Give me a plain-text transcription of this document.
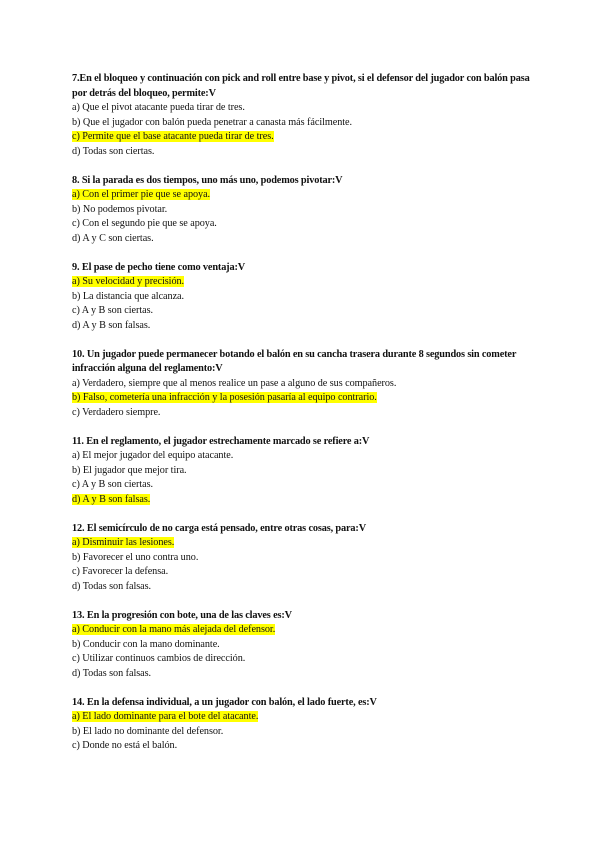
7.En el bloqueo y continuación con pick and roll entre base y pivot, si el defensor del jugador con balón pasa por detrás del bloqueo, permite:V

a) Que el pivot atacante pueda tirar de tres.
b) Que el jugador con balón pueda penetrar a canasta más fácilmente.
c) Permite que el base atacante pueda tirar de tres.
d) Todas son ciertas.

8. Si la parada es dos tiempos, uno más uno, podemos pivotar:V

a) Con el primer pie que se apoya.
b) No podemos pivotar.
c) Con el segundo pie que se apoya.
d) A y C son ciertas.

9. El pase de pecho tiene como ventaja:V

a) Su velocidad y precisión.
b) La distancia que alcanza.
c) A y B son ciertas.
d) A y B son falsas.

10. Un jugador puede permanecer botando el balón en su cancha trasera durante 8 segundos sin cometer infracción alguna del reglamento:V

a) Verdadero, siempre que al menos realice un pase a alguno de sus compañeros.
b) Falso, cometería una infracción y la posesión pasaría al equipo contrario.
c) Verdadero siempre.

11. En el reglamento, el jugador estrechamente marcado se refiere a:V

a) El mejor jugador del equipo atacante.
b) El jugador que mejor tira.
c) A y B son ciertas.
d) A y B son falsas.

12. El semicírculo de no carga está pensado, entre otras cosas, para:V

a) Disminuir las lesiones.
b) Favorecer el uno contra uno.
c) Favorecer la defensa.
d) Todas son falsas.

13. En la progresión con bote, una de las claves es:V

a) Conducir con la mano más alejada del defensor.
b) Conducir con la mano dominante.
c) Utilizar continuos cambios de dirección.
d) Todas son falsas.

14. En la defensa individual, a un jugador con balón, el lado fuerte, es:V

a) El lado dominante para el bote del atacante.
b) El lado no dominante del defensor.
c) Donde no está el balón.
